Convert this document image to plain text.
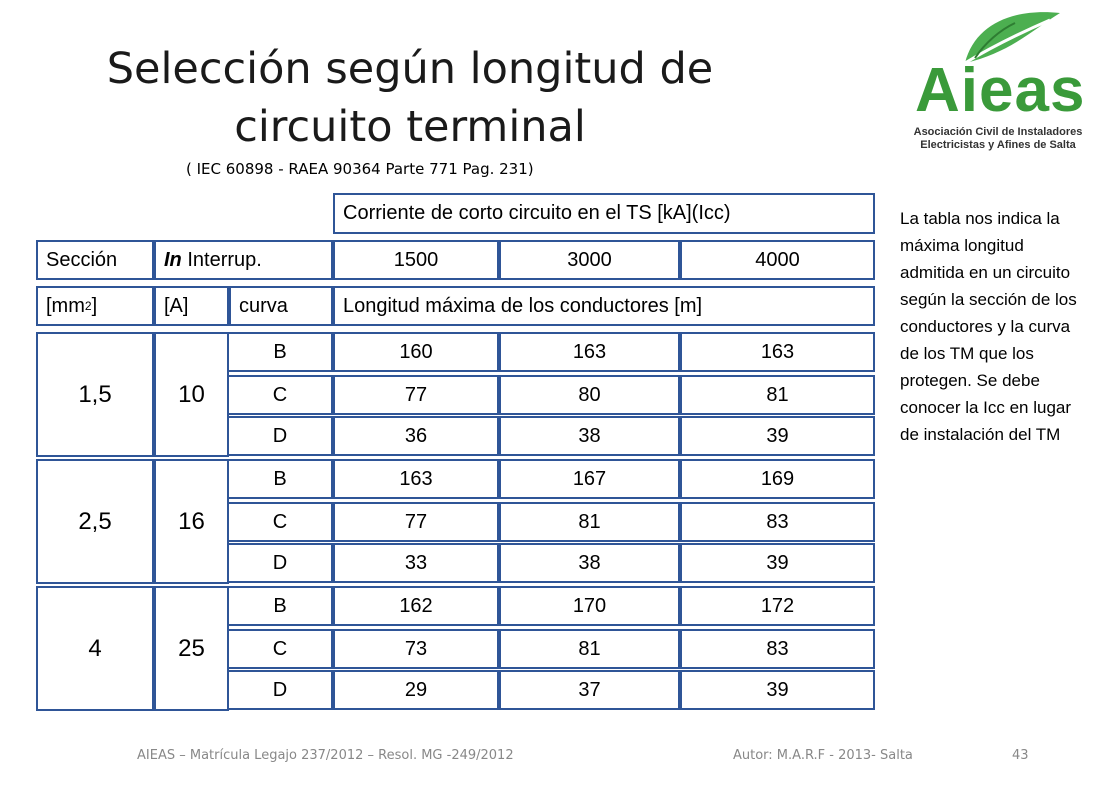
Selección según longitud de
circuito terminal
( IEC 60898 - RAEA 90364 Parte 771 Pag. 231)
Aieas
Asociación Civil de Instaladores
Electricistas y Afines de Salta
Corriente de corto circuito en el TS [kA](Icc)
Sección	In Interrup.	1500	3000	4000
[mm 2 ]	[A]	curva	Longitud máxima de los conductores [m]
1,5	10
B	160	163	163
C	77	80	81
D	36	38	39
2,5	16
B	163	167	169
C	77	81	83
D	33	38	39
4	25
B	162	170	172
C	73	81	83
D	29	37	39
La tabla nos indica la máxima longitud admitida en un circuito según la sección de los conductores y la curva de los TM que los protegen. Se debe conocer la Icc en lugar de instalación del TM
AIEAS – Matrícula Legajo 237/2012 – Resol. MG -249/2012	Autor: M.A.R.F - 2013- Salta	43
